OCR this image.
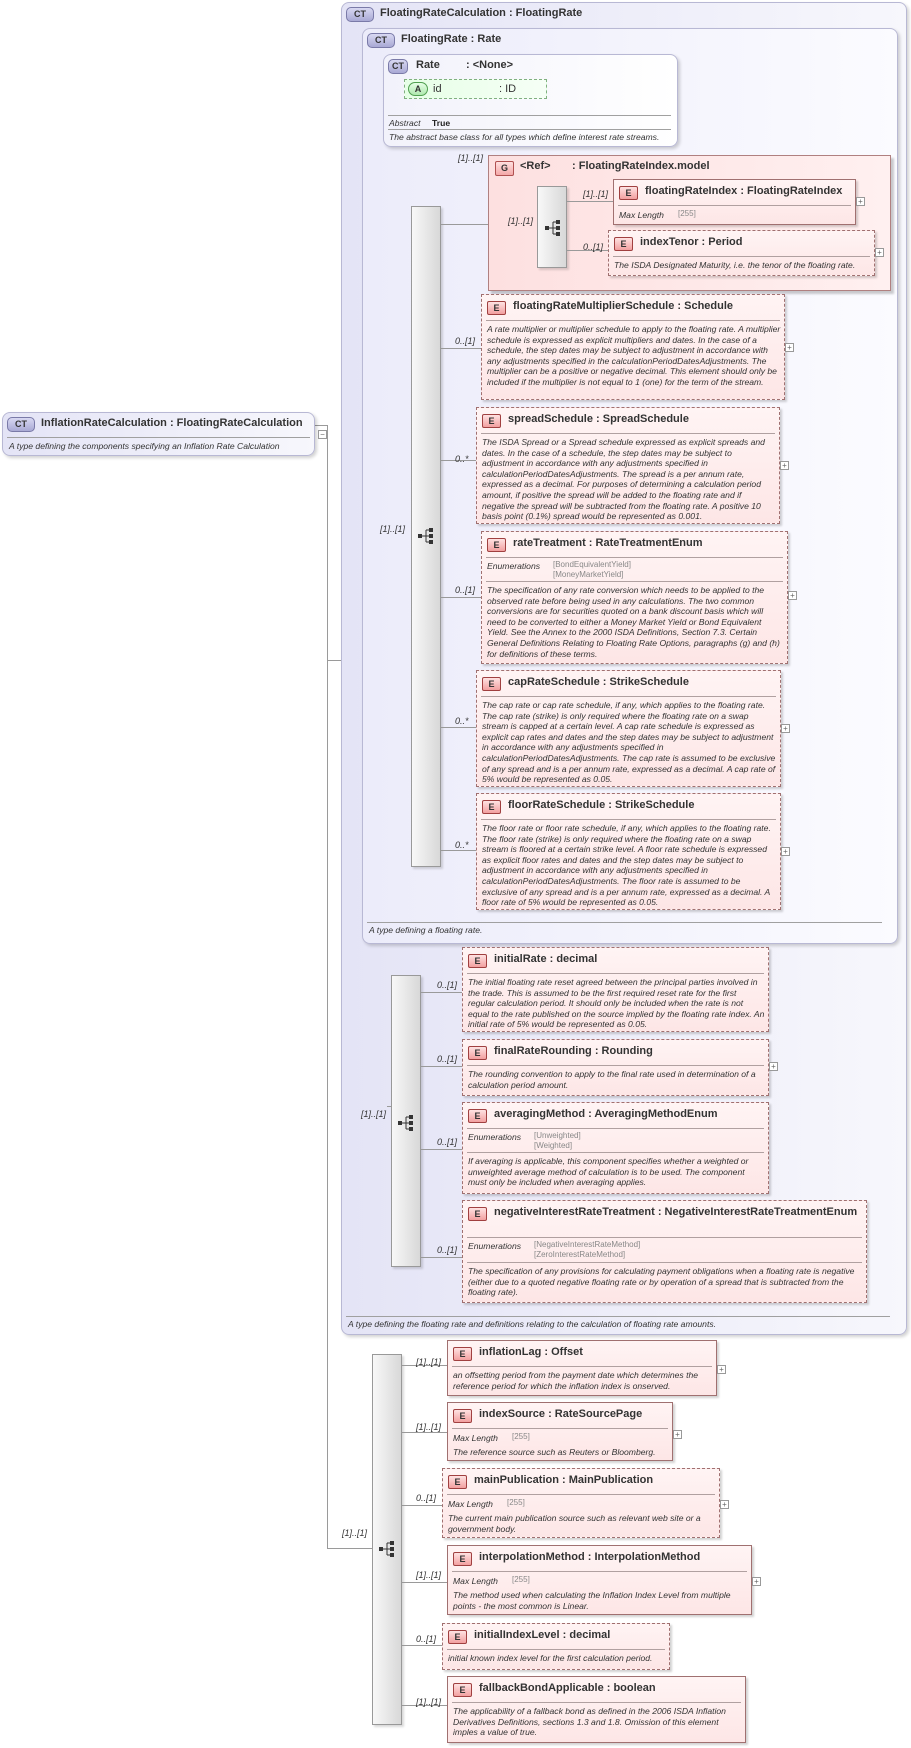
CT	InflationRateCalculation : FloatingRateCalculation
A type defining the components specifying an Inflation Rate Calculation
−
CT	FloatingRateCalculation : FloatingRate
A type defining the floating rate and definitions relating to the calculation of floating rate amounts.
CT	FloatingRate : Rate
A type defining a floating rate.
CT	Rate : <None>
A	id	: ID
Abstract True
The abstract base class for all types which define interest rate streams.
[1]..[1]
G	<Ref> : FloatingRateIndex.model
[1]..[1]
[1]..[1]
E	floatingRateIndex : FloatingRateIndex
Max Length [255]
[1]..[1]
+
E	indexTenor : Period
The ISDA Designated Maturity, i.e. the tenor of the floating rate.
0..[1]
+
E	floatingRateMultiplierSchedule : Schedule
A rate multiplier or multiplier schedule to apply to the floating rate. A multiplier schedule is expressed as explicit multipliers and dates. In the case of a schedule, the step dates may be subject to adjustment in accordance with any adjustments specified in the calculationPeriodDatesAdjustments. The multiplier can be a positive or negative decimal. This element should only be included if the multiplier is not equal to 1 (one) for the term of the stream.
0..[1]
+
E	spreadSchedule : SpreadSchedule
The ISDA Spread or a Spread schedule expressed as explicit spreads and dates. In the case of a schedule, the step dates may be subject to adjustment in accordance with any adjustments specified in calculationPeriodDatesAdjustments. The spread is a per annum rate, expressed as a decimal. For purposes of determining a calculation period amount, if positive the spread will be added to the floating rate and if negative the spread will be subtracted from the floating rate. A positive 10 basis point (0.1%) spread would be represented as 0.001.
0..*
+
E	rateTreatment : RateTreatmentEnum
Enumerations [BondEquivalentYield]
[MoneyMarketYield]
The specification of any rate conversion which needs to be applied to the observed rate before being used in any calculations. The two common conversions are for securities quoted on a bank discount basis which will need to be converted to either a Money Market Yield or Bond Equivalent Yield. See the Annex to the 2000 ISDA Definitions, Section 7.3. Certain General Definitions Relating to Floating Rate Options, paragraphs (g) and (h) for definitions of these terms.
0..[1]
+
E	capRateSchedule : StrikeSchedule
The cap rate or cap rate schedule, if any, which applies to the floating rate. The cap rate (strike) is only required where the floating rate on a swap stream is capped at a certain level. A cap rate schedule is expressed as explicit cap rates and dates and the step dates may be subject to adjustment in accordance with any adjustments specified in calculationPeriodDatesAdjustments. The cap rate is assumed to be exclusive of any spread and is a per annum rate, expressed as a decimal. A cap rate of 5% would be represented as 0.05.
0..*
+
E	floorRateSchedule : StrikeSchedule
The floor rate or floor rate schedule, if any, which applies to the floating rate. The floor rate (strike) is only required where the floating rate on a swap stream is floored at a certain strike level. A floor rate schedule is expressed as explicit floor rates and dates and the step dates may be subject to adjustment in accordance with any adjustments specified in calculationPeriodDatesAdjustments. The floor rate is assumed to be exclusive of any spread and is a per annum rate, expressed as a decimal. A floor rate of 5% would be represented as 0.05.
0..*
+
[1]..[1]
E	initialRate : decimal
The initial floating rate reset agreed between the principal parties involved in the trade. This is assumed to be the first required reset rate for the first regular calculation period. It should only be included when the rate is not equal to the rate published on the source implied by the floating rate index. An initial rate of 5% would be represented as 0.05.
0..[1]
E	finalRateRounding : Rounding
The rounding convention to apply to the final rate used in determination of a calculation period amount.
0..[1]
+
E	averagingMethod : AveragingMethodEnum
Enumerations [Unweighted]
[Weighted]
If averaging is applicable, this component specifies whether a weighted or unweighted average method of calculation is to be used. The component must only be included when averaging applies.
0..[1]
E	negativeInterestRateTreatment : NegativeInterestRateTreatmentEnum
Enumerations [NegativeInterestRateMethod]
[ZeroInterestRateMethod]
The specification of any provisions for calculating payment obligations when a floating rate is negative (either due to a quoted negative floating rate or by operation of a spread that is subtracted from the floating rate).
0..[1]
[1]..[1]
E	inflationLag : Offset
an offsetting period from the payment date which determines the reference period for which the inflation index is onserved.
[1]..[1]
+
E	indexSource : RateSourcePage
Max Length [255]
The reference source such as Reuters or Bloomberg.
[1]..[1]
+
E	mainPublication : MainPublication
Max Length [255]
The current main publication source such as relevant web site or a government body.
0..[1]
+
E	interpolationMethod : InterpolationMethod
Max Length [255]
The method used when calculating the Inflation Index Level from multiple points - the most common is Linear.
[1]..[1]
+
E	initialIndexLevel : decimal
initial known index level for the first calculation period.
0..[1]
E	fallbackBondApplicable : boolean
The applicability of a fallback bond as defined in the 2006 ISDA Inflation Derivatives Definitions, sections 1.3 and 1.8. Omission of this element imples a value of true.
[1]..[1]
